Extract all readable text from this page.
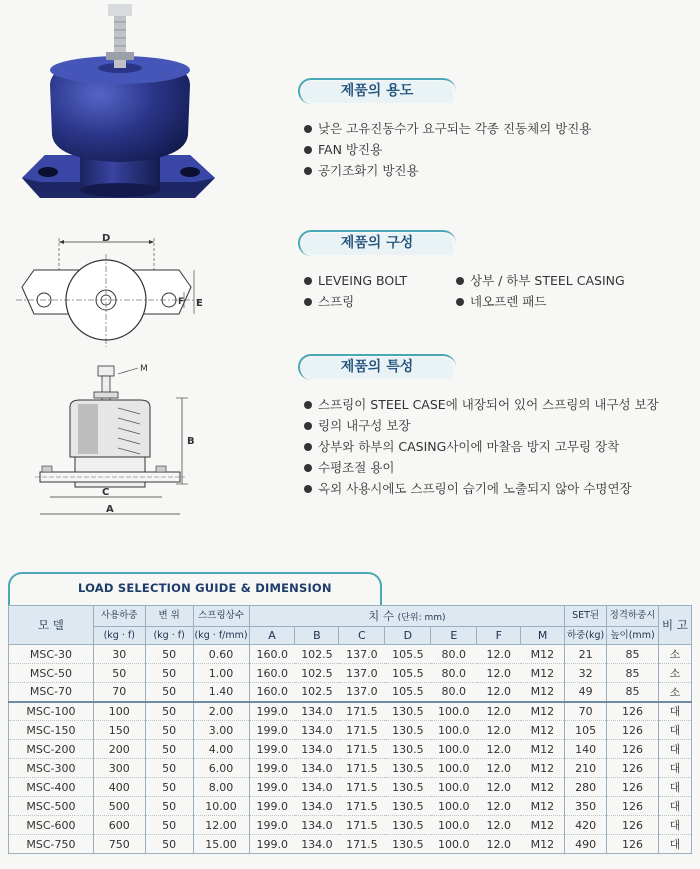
D
F E
M
B
C
A
제품의 용도
낮은 고유진동수가 요구되는 각종 진동체의 방진용
FAN 방진용
공기조화기 방진용
제품의 구성
LEVEING BOLT	상부 / 하부 STEEL CASING
스프링	네오프렌 패드
제품의 특성
스프링이 STEEL CASE에 내장되어 있어 스프링의 내구성 보장
링의 내구성 보장
상부와 하부의 CASING사이에 마찰음 방지 고무링 장착
수평조절 용이
옥외 사용시에도 스프링이 습기에 노출되지 않아 수명연장
LOAD SELECTION GUIDE & DIMENSION
모 델	사용하중	변 위	스프링상수	치 수 (단위: mm)							SET된	정격하중시	비 고
	(kg · f)	(kg · f)	(kg · f/mm)	A	B	C	D	E	F	M	하중(kg)	높이(mm)	
MSC-30	30	50	0.60	160.0	102.5	137.0	105.5	80.0	12.0	M12	21	85	소
MSC-50	50	50	1.00	160.0	102.5	137.0	105.5	80.0	12.0	M12	32	85	소
MSC-70	70	50	1.40	160.0	102.5	137.0	105.5	80.0	12.0	M12	49	85	소
MSC-100	100	50	2.00	199.0	134.0	171.5	130.5	100.0	12.0	M12	70	126	대
MSC-150	150	50	3.00	199.0	134.0	171.5	130.5	100.0	12.0	M12	105	126	대
MSC-200	200	50	4.00	199.0	134.0	171.5	130.5	100.0	12.0	M12	140	126	대
MSC-300	300	50	6.00	199.0	134.0	171.5	130.5	100.0	12.0	M12	210	126	대
MSC-400	400	50	8.00	199.0	134.0	171.5	130.5	100.0	12.0	M12	280	126	대
MSC-500	500	50	10.00	199.0	134.0	171.5	130.5	100.0	12.0	M12	350	126	대
MSC-600	600	50	12.00	199.0	134.0	171.5	130.5	100.0	12.0	M12	420	126	대
MSC-750	750	50	15.00	199.0	134.0	171.5	130.5	100.0	12.0	M12	490	126	대
